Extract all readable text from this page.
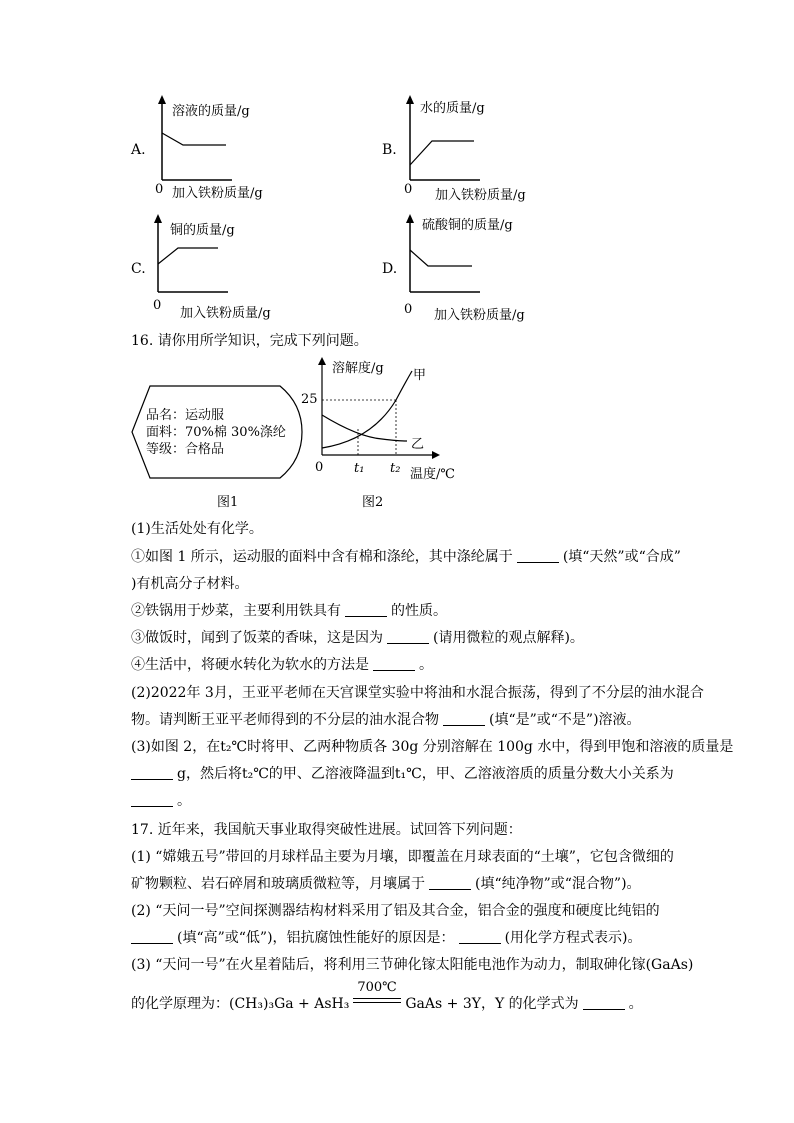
A.
溶液的质量/g
0 加入铁粉质量/g
B.
水的质量/g
0 加入铁粉质量/g
C.
铜的质量/g
0
加入铁粉质量/g
D.
硫酸铜的质量/g
0 加入铁粉质量/g
16. 请你用所学知识，完成下列问题。
品名：运动服
面料：70%棉 30%涤纶
等级：合格品
图1
溶解度/g
25
0 t₁ t₂ 温度/℃
甲
乙
图2
(1)生活处处有化学。
①如图 1 所示，运动服的面料中含有棉和涤纶，其中涤纶属于	(填“天然”或“合成”
)有机高分子材料。
②铁锅用于炒菜，主要利用铁具有	的性质。
③做饭时，闻到了饭菜的香味，这是因为	(请用微粒的观点解释)。
④生活中，将硬水转化为软水的方法是	。
(2)2022年 3月，王亚平老师在天宫课堂实验中将油和水混合振荡，得到了不分层的油水混合
物。请判断王亚平老师得到的不分层的油水混合物	(填“是”或“不是”)溶液。
(3)如图 2，在t₂℃时将甲、乙两种物质各 30g 分别溶解在 100g 水中，得到甲饱和溶液的质量是
g，然后将t₂℃的甲、乙溶液降温到t₁℃，甲、乙溶液溶质的质量分数大小关系为
。
17. 近年来，我国航天事业取得突破性进展。试回答下列问题：
(1) “嫦娥五号”带回的月球样品主要为月壤，即覆盖在月球表面的“土壤”，它包含微细的
矿物颗粒、岩石碎屑和玻璃质微粒等，月壤属于	(填“纯净物”或“混合物”)。
(2) “天问一号”空间探测器结构材料采用了铝及其合金，铝合金的强度和硬度比纯铝的
(填“高”或“低”)，铝抗腐蚀性能好的原因是：	(用化学方程式表示)。
(3) “天问一号”在火星着陆后，将利用三节砷化镓太阳能电池作为动力，制取砷化镓(GaAs)
的化学原理为：(CH₃)₃Ga + AsH₃
700℃
GaAs + 3Y，Y 的化学式为	。
